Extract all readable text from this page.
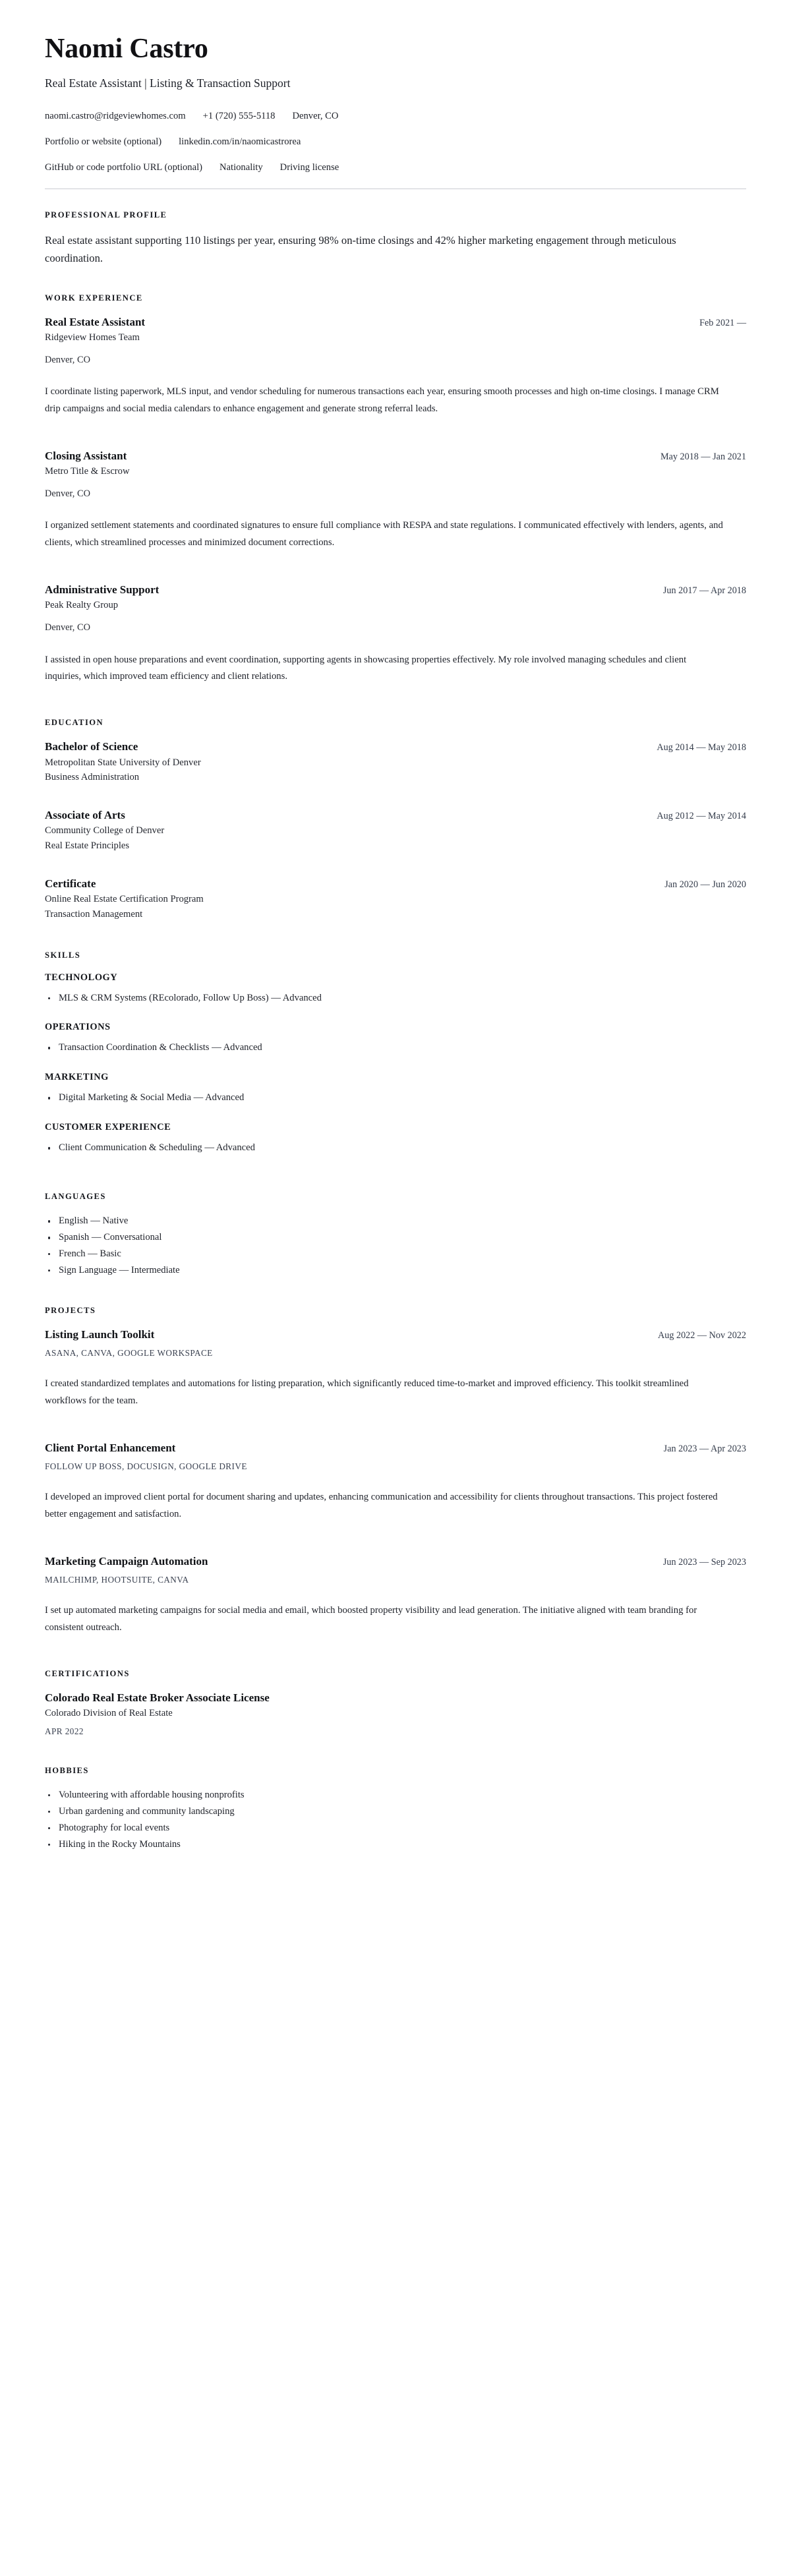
Naomi Castro
Real Estate Assistant | Listing & Transaction Support
naomi.castro@ridgeviewhomes.com +1 (720) 555-5118 Denver, CO
Portfolio or website (optional) linkedin.com/in/naomicastrorea
GitHub or code portfolio URL (optional) Nationality Driving license
PROFESSIONAL PROFILE

Real estate assistant supporting 110 listings per year, ensuring 98% on-time closings and 42% higher marketing engagement through meticulous coordination.

WORK EXPERIENCE
Real Estate Assistant	Feb 2021 —
Ridgeview Homes Team
Denver, CO

I coordinate listing paperwork, MLS input, and vendor scheduling for numerous transactions each year, ensuring smooth processes and high on-time closings. I manage CRM drip campaigns and social media calendars to enhance engagement and generate strong referral leads.

Closing Assistant	May 2018 — Jan 2021
Metro Title & Escrow
Denver, CO

I organized settlement statements and coordinated signatures to ensure full compliance with RESPA and state regulations. I communicated effectively with lenders, agents, and clients, which streamlined processes and minimized document corrections.

Administrative Support	Jun 2017 — Apr 2018
Peak Realty Group
Denver, CO

I assisted in open house preparations and event coordination, supporting agents in showcasing properties effectively. My role involved managing schedules and client inquiries, which improved team efficiency and client relations.

EDUCATION
Bachelor of Science	Aug 2014 — May 2018
Metropolitan State University of Denver
Business Administration
Associate of Arts	Aug 2012 — May 2014
Community College of Denver
Real Estate Principles
Certificate	Jan 2020 — Jun 2020
Online Real Estate Certification Program
Transaction Management
SKILLS
TECHNOLOGY
MLS & CRM Systems (REcolorado, Follow Up Boss) — Advanced
OPERATIONS
Transaction Coordination & Checklists — Advanced
MARKETING
Digital Marketing & Social Media — Advanced
CUSTOMER EXPERIENCE
Client Communication & Scheduling — Advanced
LANGUAGES
English — Native
Spanish — Conversational
French — Basic
Sign Language — Intermediate
PROJECTS
Listing Launch Toolkit	Aug 2022 — Nov 2022
ASANA, CANVA, GOOGLE WORKSPACE

I created standardized templates and automations for listing preparation, which significantly reduced time-to-market and improved efficiency. This toolkit streamlined workflows for the team.

Client Portal Enhancement	Jan 2023 — Apr 2023
FOLLOW UP BOSS, DOCUSIGN, GOOGLE DRIVE

I developed an improved client portal for document sharing and updates, enhancing communication and accessibility for clients throughout transactions. This project fostered better engagement and satisfaction.

Marketing Campaign Automation	Jun 2023 — Sep 2023
MAILCHIMP, HOOTSUITE, CANVA

I set up automated marketing campaigns for social media and email, which boosted property visibility and lead generation. The initiative aligned with team branding for consistent outreach.

CERTIFICATIONS
Colorado Real Estate Broker Associate License
Colorado Division of Real Estate
APR 2022
HOBBIES
Volunteering with affordable housing nonprofits
Urban gardening and community landscaping
Photography for local events
Hiking in the Rocky Mountains
